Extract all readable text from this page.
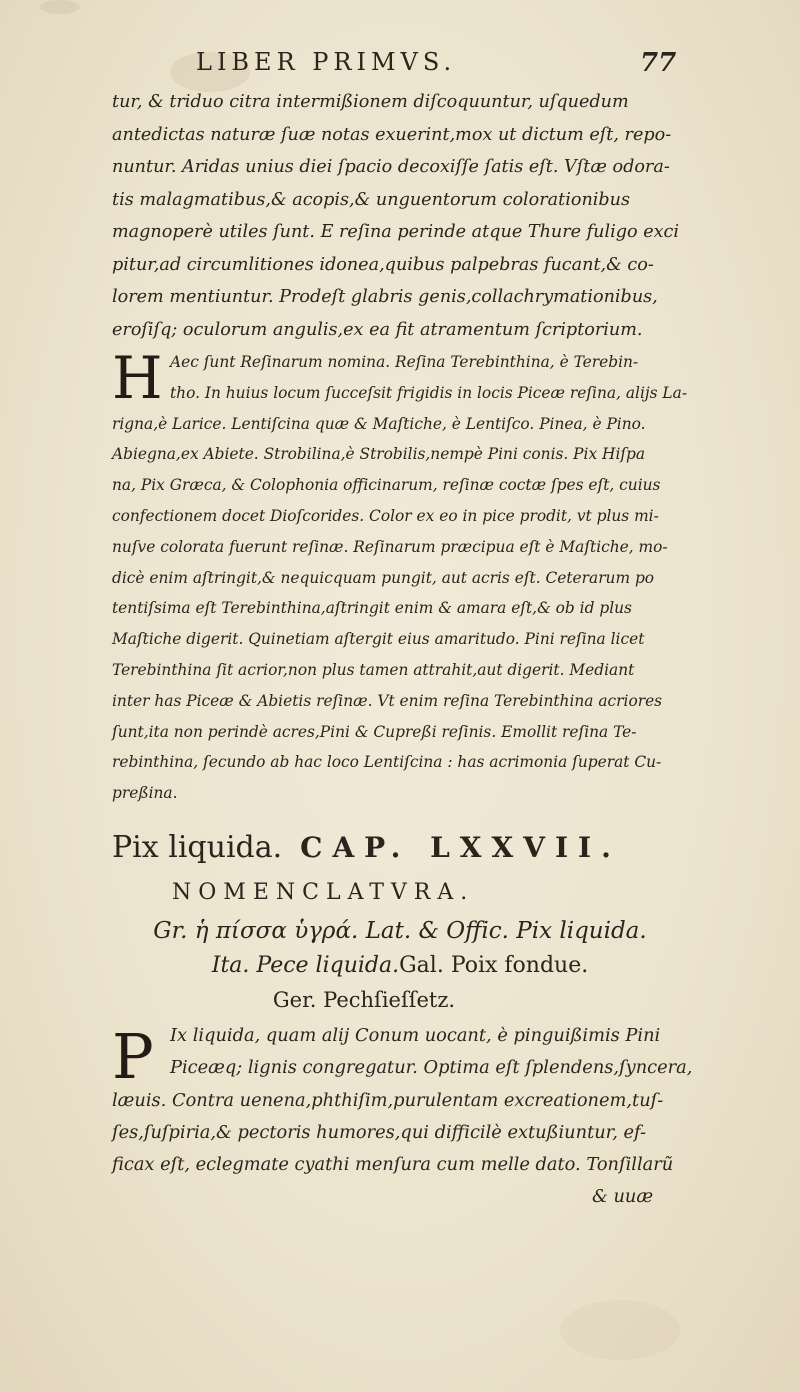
LIBER PRIMVS.	77
tur, & triduo citra intermißionem diſcoquuntur, uſquedum
antedictas naturæ ſuæ notas exuerint,mox ut dictum eſt, repo-
nuntur. Aridas unius diei ſpacio decoxiſſe ſatis eſt. Vſtæ odora-
tis malagmatibus,& acopis,& unguentorum colorationibus
magnoperè utiles ſunt. E reſina perinde atque Thure fuligo exci
pitur,ad circumlitiones idonea,quibus palpebras fucant,& co-
lorem mentiuntur. Prodeſt glabris genis,collachrymationibus,
eroſiſq; oculorum angulis,ex ea fit atramentum ſcriptorium.
H Aec ſunt Reſinarum nomina. Reſina Terebinthina, è Terebin-
tho. In huius locum ſucceſsit frigidis in locis Piceæ reſina, alijs La-
rigna,è Larice. Lentiſcina quæ & Maſtiche, è Lentiſco. Pinea, è Pino.
Abiegna,ex Abiete. Strobilina,è Strobilis,nempè Pini conis. Pix Hiſpa
na, Pix Græca, & Colophonia officinarum, reſinæ coctæ ſpes eſt, cuius
confectionem docet Dioſcorides. Color ex eo in pice prodit, vt plus mi-
nuſve colorata fuerunt reſinæ. Reſinarum præcipua eſt è Maſtiche, mo-
dicè enim aſtringit,& nequicquam pungit, aut acris eſt. Ceterarum po
tentiſsima eſt Terebinthina,aſtringit enim & amara eſt,& ob id plus
Maſtiche digerit. Quinetiam aſtergit eius amaritudo. Pini reſina licet
Terebinthina ſit acrior,non plus tamen attrahit,aut digerit. Mediant
inter has Piceæ & Abietis reſinæ. Vt enim reſina Terebinthina acriores
ſunt,ita non perindè acres,Pini & Cupreßi reſinis. Emollit reſina Te-
rebinthina, ſecundo ab hac loco Lentiſcina : has acrimonia ſuperat Cu-
preßina.
Pix liquida. CAP. LXXVII.
NOMENCLATVRA.
Gr. ἡ πίσσα ὑγρά. Lat. & Offic. Pix liquida.
Ita. Pece liquida.Gal. Poix fondue.
Ger. Pechſieſſetz.
P Ix liquida, quam alij Conum uocant, è pinguißimis Pini
Piceæq; lignis congregatur. Optima eſt ſplendens,ſyncera,
læuis. Contra uenena,phthiſim,purulentam excreationem,tuſ-
ſes,ſuſpiria,& pectoris humores,qui difficilè extußiuntur, ef-
ficax eſt, eclegmate cyathi menſura cum melle dato. Tonſillarũ
& uuæ
